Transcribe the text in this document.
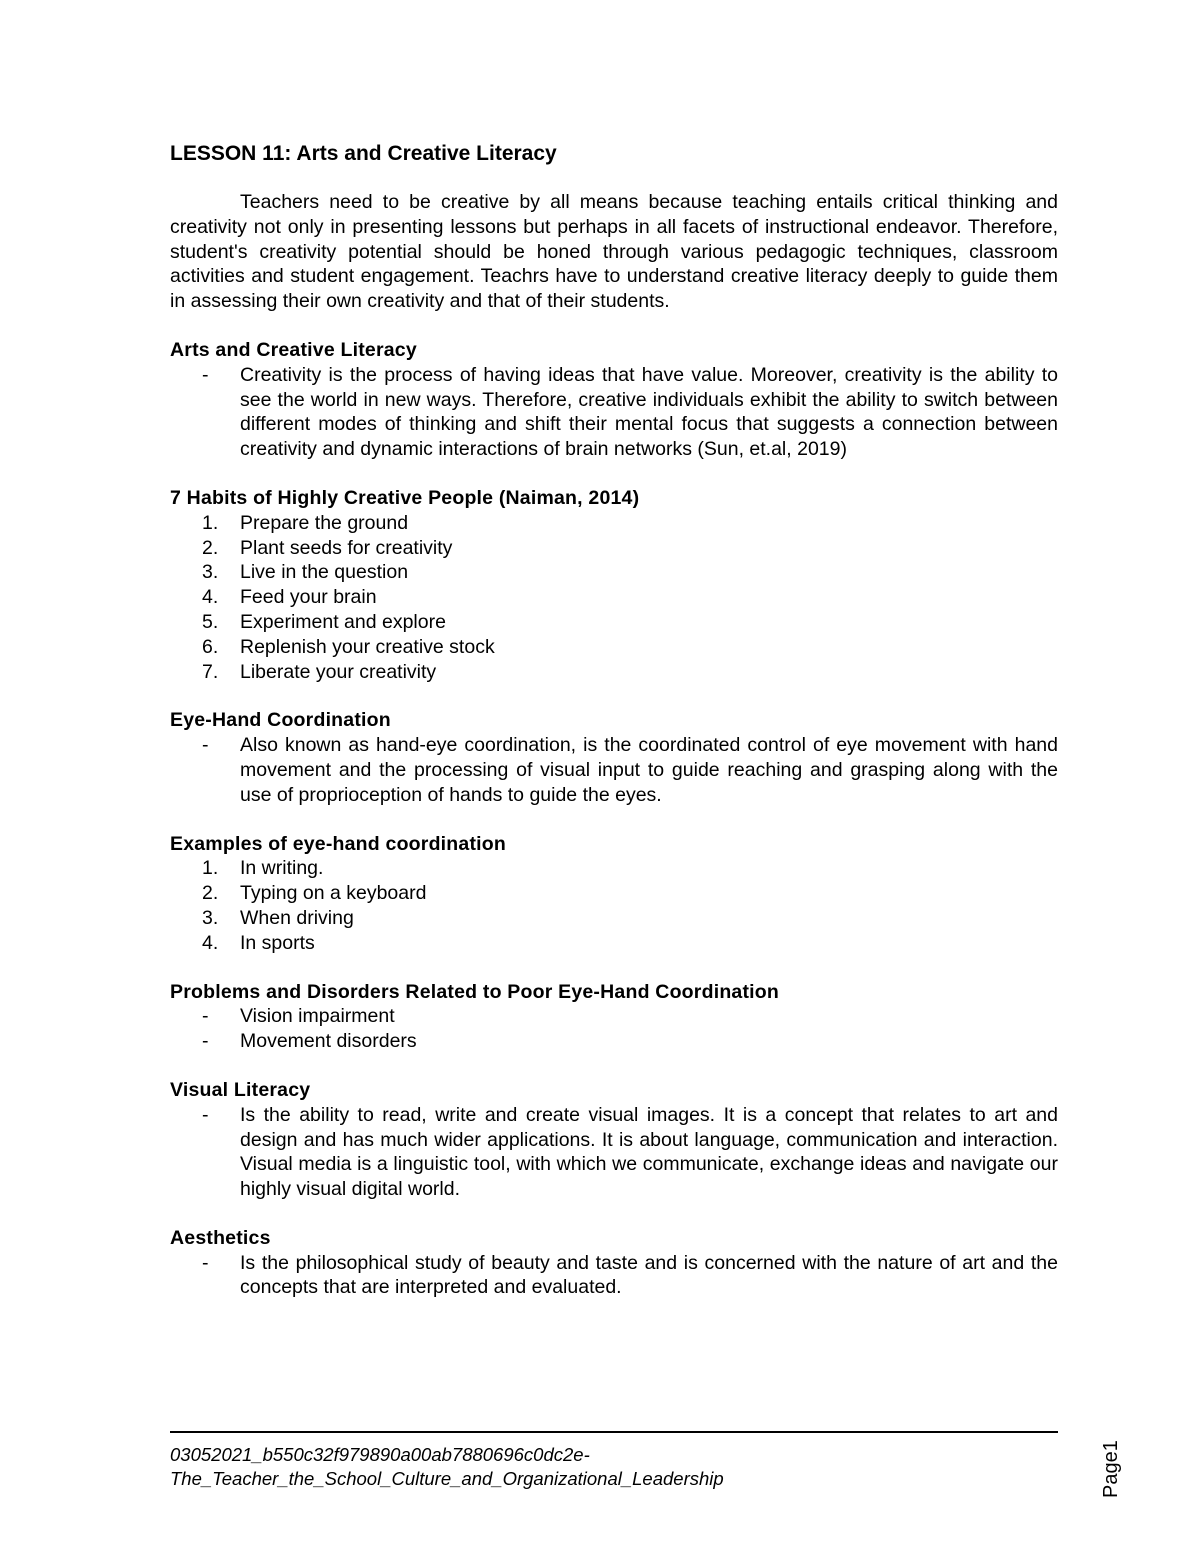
LESSON 11: Arts and Creative Literacy

Teachers need to be creative by all means because teaching entails critical thinking and creativity not only in presenting lessons but perhaps in all facets of instructional endeavor. Therefore, student's creativity potential should be honed through various pedagogic techniques, classroom activities and student engagement. Teachrs have to understand creative literacy deeply to guide them in assessing their own creativity and that of their students.

Arts and Creative Literacy
-	Creativity is the process of having ideas that have value. Moreover, creativity is the ability to see the world in new ways. Therefore, creative individuals exhibit the ability to switch between different modes of thinking and shift their mental focus that suggests a connection between creativity and dynamic interactions of brain networks (Sun, et.al, 2019)
7 Habits of Highly Creative People (Naiman, 2014)
1.	Prepare the ground
2.	Plant seeds for creativity
3.	Live in the question
4.	Feed your brain
5.	Experiment and explore
6.	Replenish your creative stock
7.	Liberate your creativity
Eye-Hand Coordination
-	Also known as hand-eye coordination, is the coordinated control of eye movement with hand movement and the processing of visual input to guide reaching and grasping along with the use of proprioception of hands to guide the eyes.
Examples of eye-hand coordination
1.	In writing.
2.	Typing on a keyboard
3.	When driving
4.	In sports
Problems and Disorders Related to Poor Eye-Hand Coordination
-	Vision impairment
-	Movement disorders
Visual Literacy
-	Is the ability to read, write and create visual images. It is a concept that relates to art and design and has much wider applications. It is about language, communication and interaction. Visual media is a linguistic tool, with which we communicate, exchange ideas and navigate our highly visual digital world.
Aesthetics
-	Is the philosophical study of beauty and taste and is concerned with the nature of art and the concepts that are interpreted and evaluated.
03052021_b550c32f979890a00ab7880696c0dc2e-
The_Teacher_the_School_Culture_and_Organizational_Leadership	Page1
